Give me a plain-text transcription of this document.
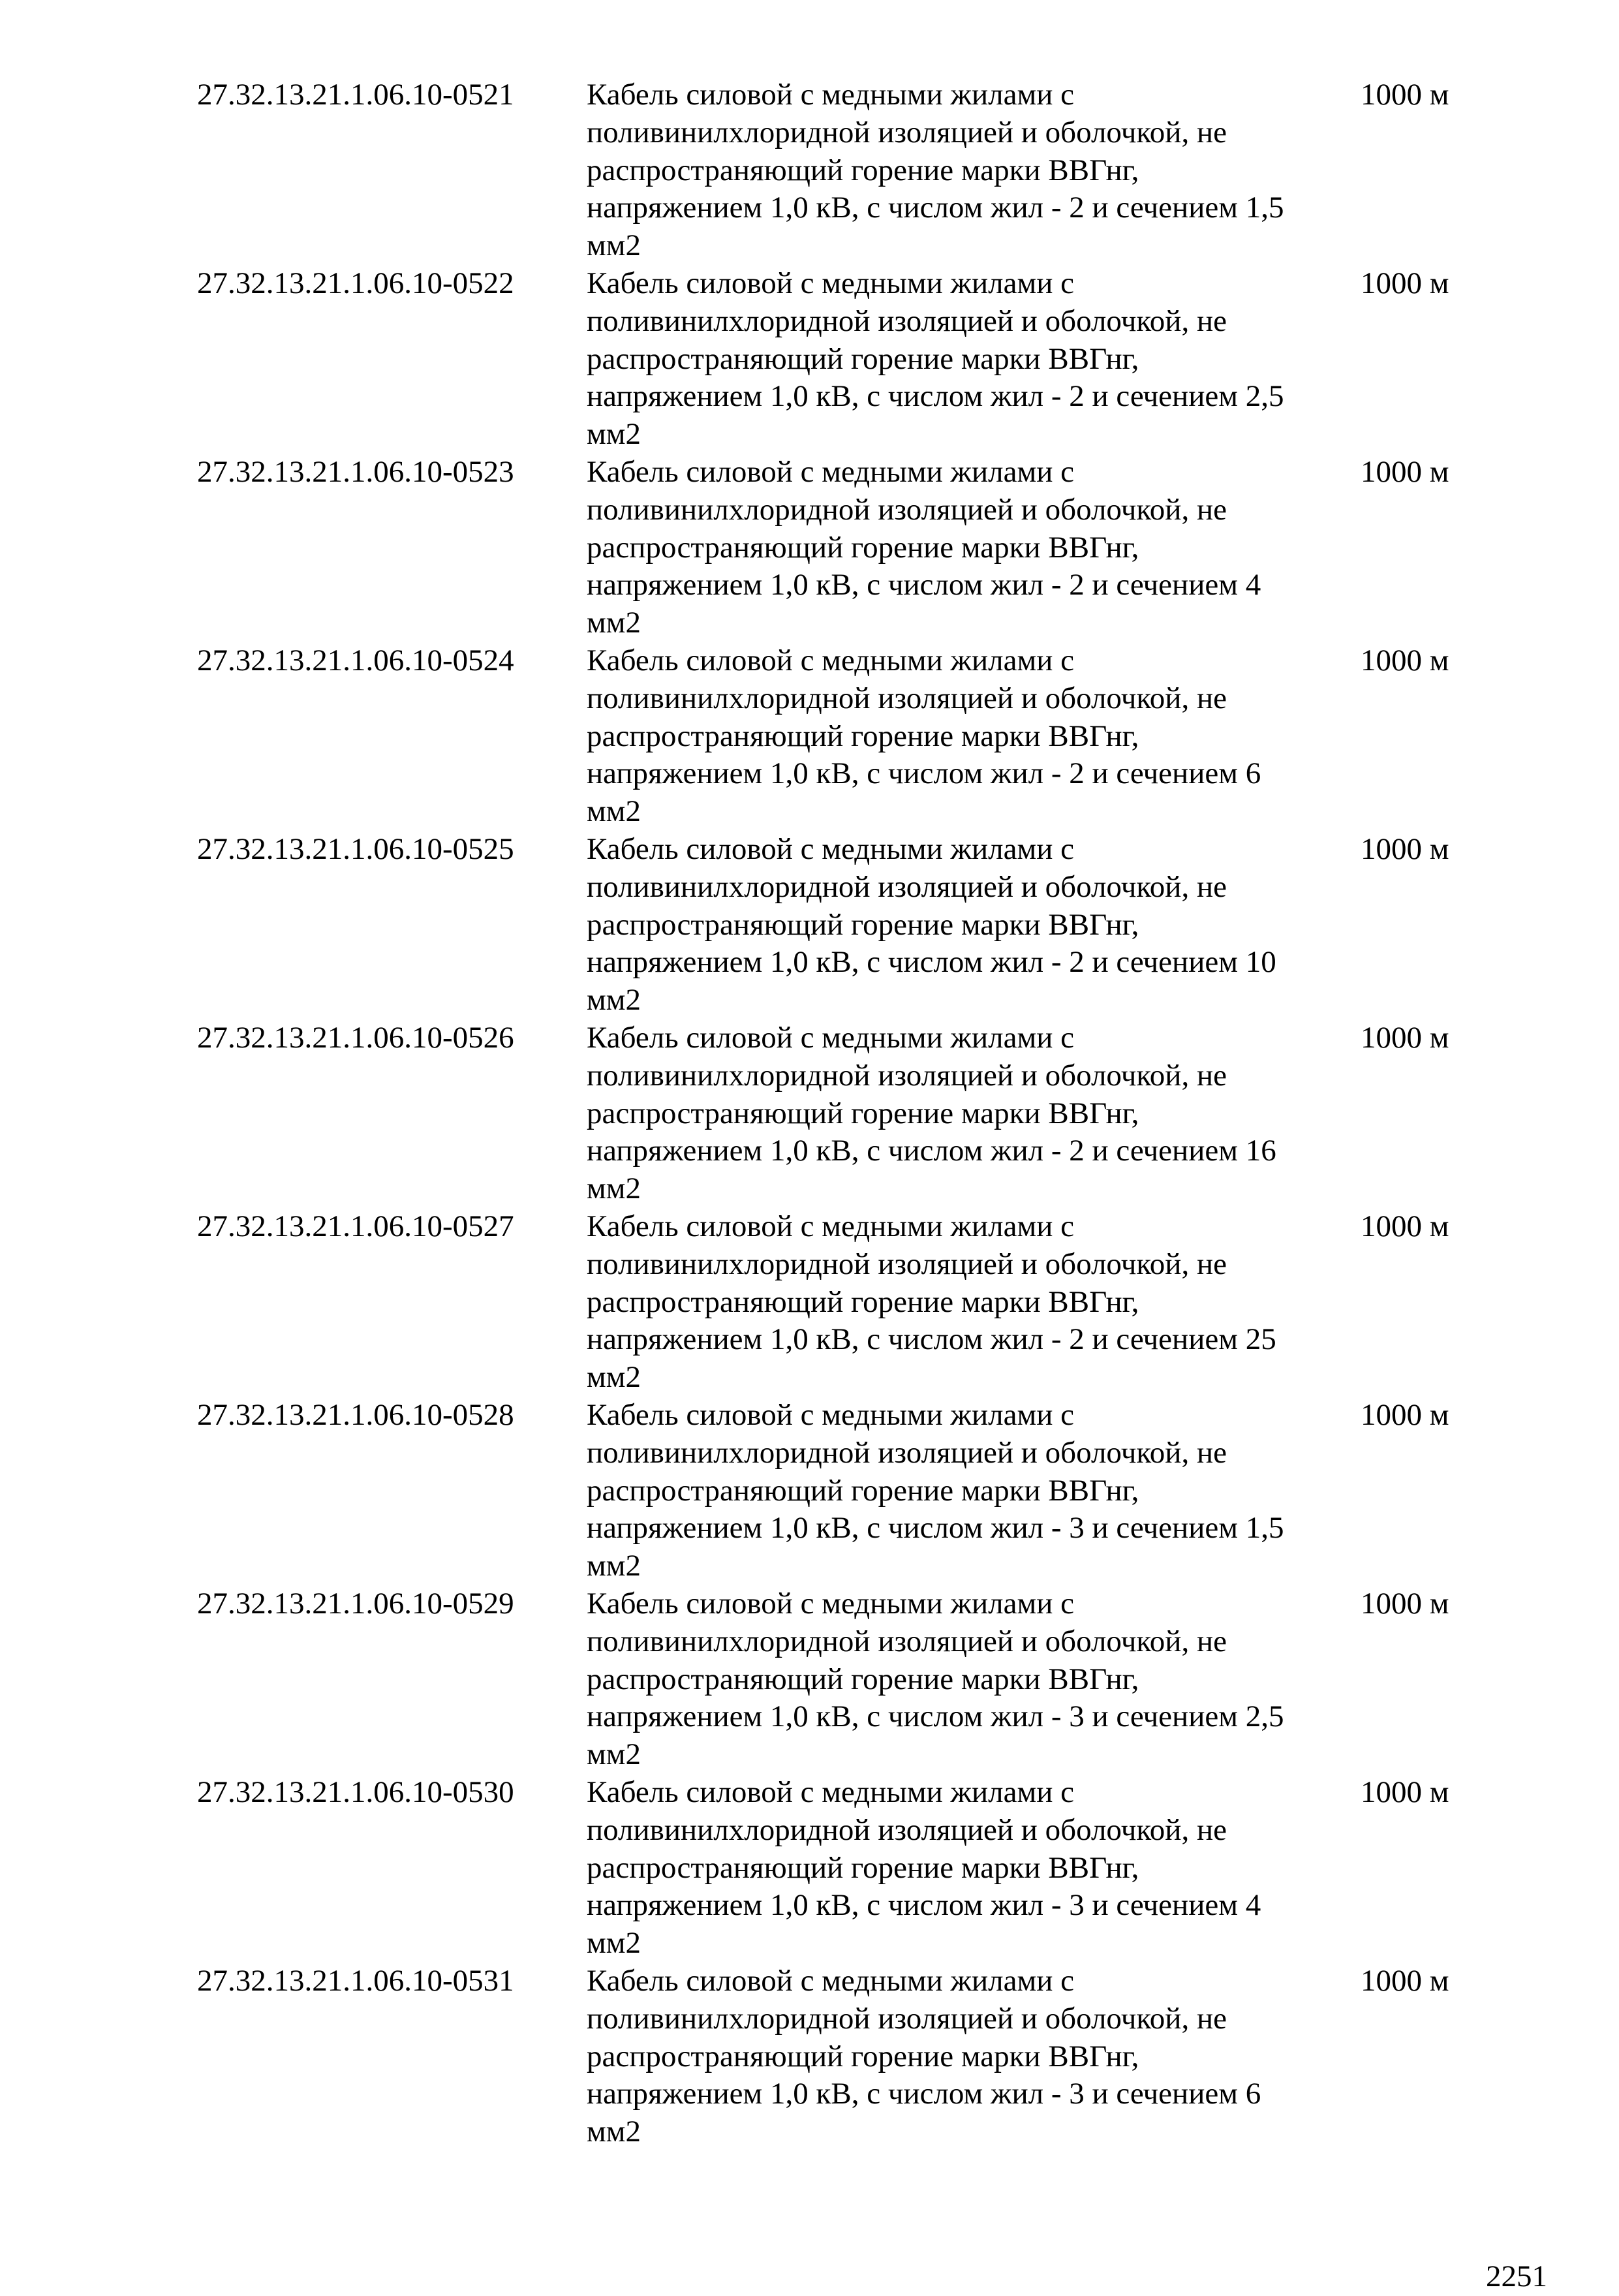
27.32.13.21.1.06.10-0521 Кабель силовой с медными жилами с
поливинилхлоридной изоляцией и оболочкой, не
распространяющий горение марки ВВГнг,
напряжением 1,0 кВ, с числом жил - 2 и сечением 1,5
мм2
1000 м
27.32.13.21.1.06.10-0522 Кабель силовой с медными жилами с
поливинилхлоридной изоляцией и оболочкой, не
распространяющий горение марки ВВГнг,
напряжением 1,0 кВ, с числом жил - 2 и сечением 2,5
мм2
1000 м
27.32.13.21.1.06.10-0523 Кабель силовой с медными жилами с
поливинилхлоридной изоляцией и оболочкой, не
распространяющий горение марки ВВГнг,
напряжением 1,0 кВ, с числом жил - 2 и сечением 4
мм2
1000 м
27.32.13.21.1.06.10-0524 Кабель силовой с медными жилами с
поливинилхлоридной изоляцией и оболочкой, не
распространяющий горение марки ВВГнг,
напряжением 1,0 кВ, с числом жил - 2 и сечением 6
мм2
1000 м
27.32.13.21.1.06.10-0525 Кабель силовой с медными жилами с
поливинилхлоридной изоляцией и оболочкой, не
распространяющий горение марки ВВГнг,
напряжением 1,0 кВ, с числом жил - 2 и сечением 10
мм2
1000 м
27.32.13.21.1.06.10-0526 Кабель силовой с медными жилами с
поливинилхлоридной изоляцией и оболочкой, не
распространяющий горение марки ВВГнг,
напряжением 1,0 кВ, с числом жил - 2 и сечением 16
мм2
1000 м
27.32.13.21.1.06.10-0527 Кабель силовой с медными жилами с
поливинилхлоридной изоляцией и оболочкой, не
распространяющий горение марки ВВГнг,
напряжением 1,0 кВ, с числом жил - 2 и сечением 25
мм2
1000 м
27.32.13.21.1.06.10-0528 Кабель силовой с медными жилами с
поливинилхлоридной изоляцией и оболочкой, не
распространяющий горение марки ВВГнг,
напряжением 1,0 кВ, с числом жил - 3 и сечением 1,5
мм2
1000 м
27.32.13.21.1.06.10-0529 Кабель силовой с медными жилами с
поливинилхлоридной изоляцией и оболочкой, не
распространяющий горение марки ВВГнг,
напряжением 1,0 кВ, с числом жил - 3 и сечением 2,5
мм2
1000 м
27.32.13.21.1.06.10-0530 Кабель силовой с медными жилами с
поливинилхлоридной изоляцией и оболочкой, не
распространяющий горение марки ВВГнг,
напряжением 1,0 кВ, с числом жил - 3 и сечением 4
мм2
1000 м
27.32.13.21.1.06.10-0531 Кабель силовой с медными жилами с
поливинилхлоридной изоляцией и оболочкой, не
распространяющий горение марки ВВГнг,
напряжением 1,0 кВ, с числом жил - 3 и сечением 6
мм2
1000 м
2251
